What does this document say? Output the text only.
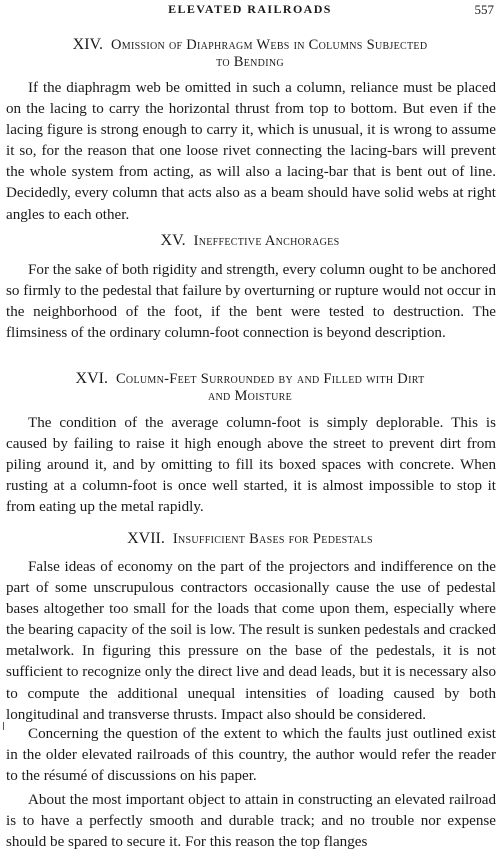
ELEVATED RAILROADS	557
XIV. Omission of Diaphragm Webs in Columns Subjected
to Bending

If the diaphragm web be omitted in such a column, reliance must be placed on the lacing to carry the horizontal thrust from top to bottom. But even if the lacing figure is strong enough to carry it, which is unusual, it is wrong to assume it so, for the reason that one loose rivet connecting the lacing-bars will prevent the whole system from acting, as will also a lacing-bar that is bent out of line. Decidedly, every column that acts also as a beam should have solid webs at right angles to each other.

XV. Ineffective Anchorages

For the sake of both rigidity and strength, every column ought to be anchored so firmly to the pedestal that failure by overturning or rupture would not occur in the neighborhood of the foot, if the bent were tested to destruction. The flimsiness of the ordinary column-foot connection is beyond description.

XVI. Column-Feet Surrounded by and Filled with Dirt
and Moisture

The condition of the average column-foot is simply deplorable. This is caused by failing to raise it high enough above the street to prevent dirt from piling around it, and by omitting to fill its boxed spaces with concrete. When rusting at a column-foot is once well started, it is almost impossible to stop it from eating up the metal rapidly.

XVII. Insufficient Bases for Pedestals

False ideas of economy on the part of the projectors and indifference on the part of some unscrupulous contractors occasionally cause the use of pedestal bases altogether too small for the loads that come upon them, especially where the bearing capacity of the soil is low. The result is sunken pedestals and cracked metalwork. In figuring this pressure on the base of the pedestals, it is not sufficient to recognize only the direct live and dead leads, but it is necessary also to compute the additional unequal intensities of loading caused by both longitudinal and transverse thrusts. Impact also should be considered.

Concerning the question of the extent to which the faults just outlined exist in the older elevated railroads of this country, the author would refer the reader to the résumé of discussions on his paper.

About the most important object to attain in constructing an elevated railroad is to have a perfectly smooth and durable track; and no trouble nor expense should be spared to secure it. For this reason the top flanges
